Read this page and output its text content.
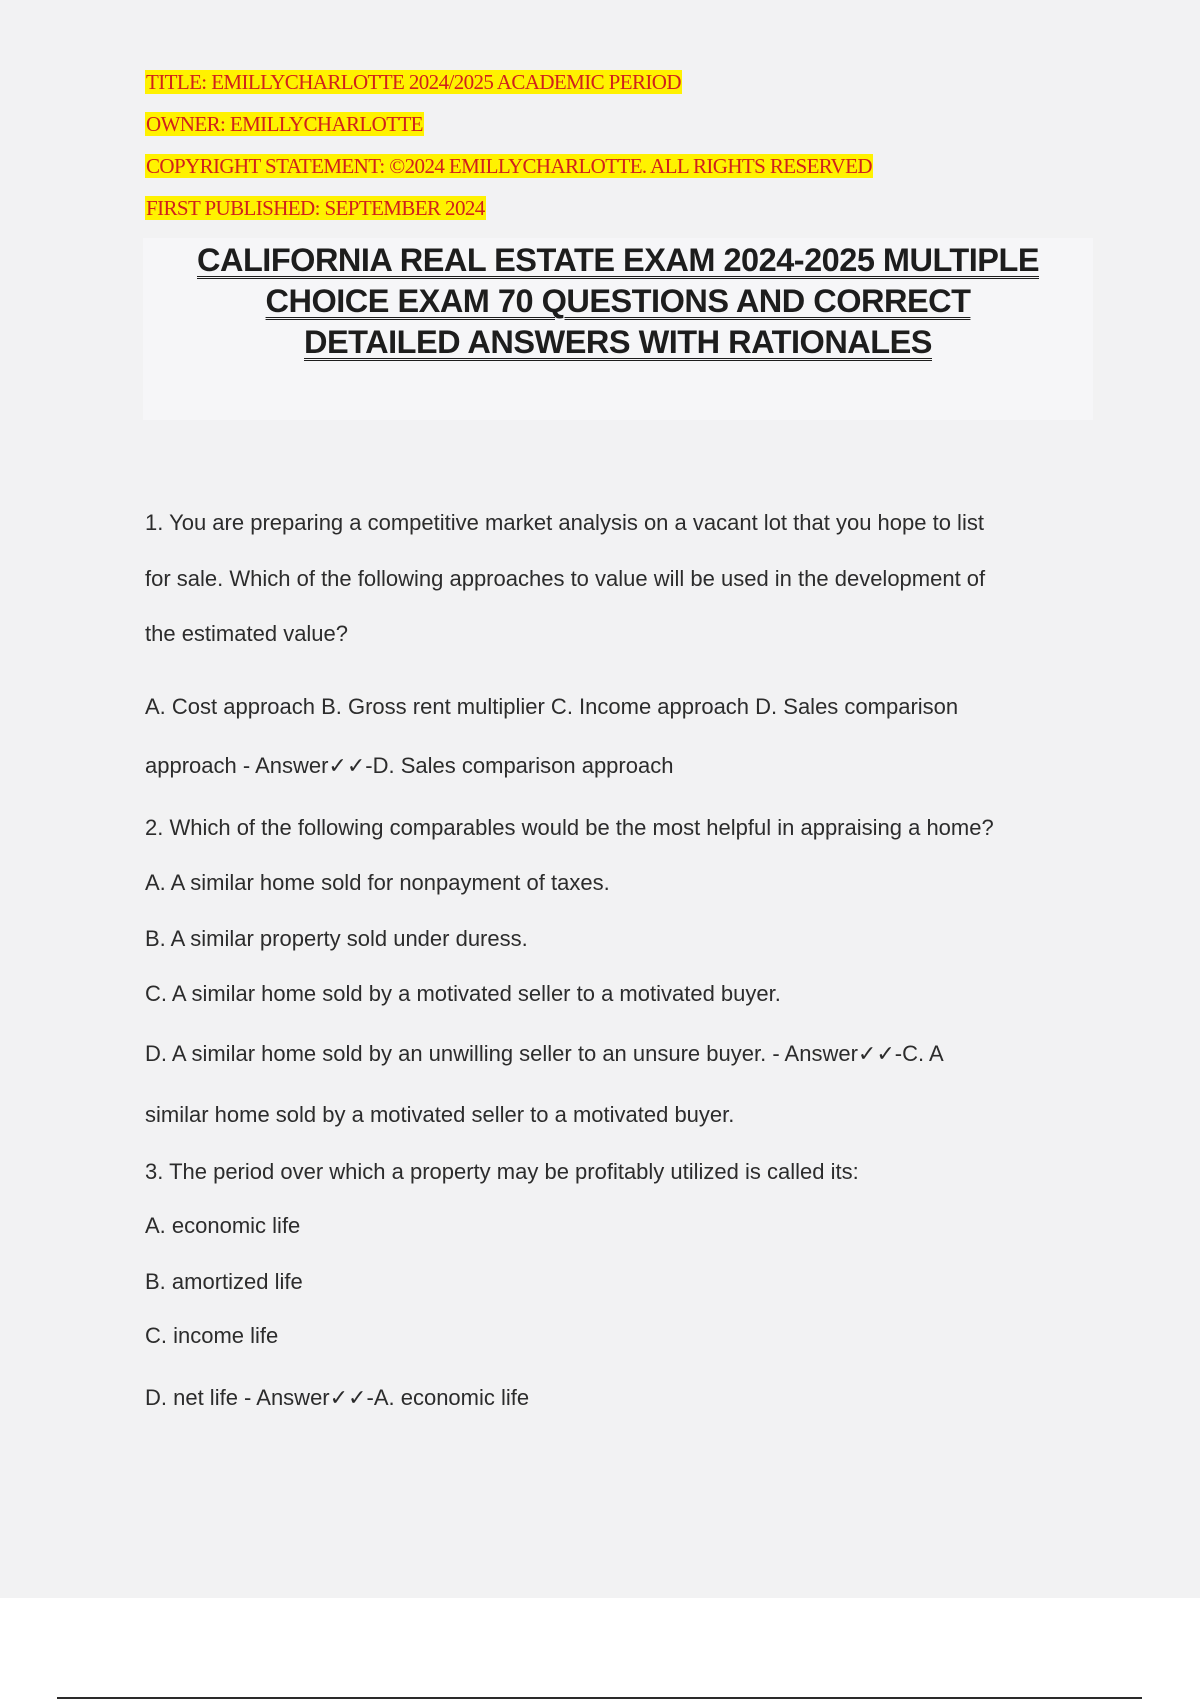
TITLE: EMILLYCHARLOTTE 2024/2025 ACADEMIC PERIOD

OWNER: EMILLYCHARLOTTE

COPYRIGHT STATEMENT: ©2024 EMILLYCHARLOTTE. ALL RIGHTS RESERVED

FIRST PUBLISHED: SEPTEMBER 2024

CALIFORNIA REAL ESTATE EXAM 2024-2025 MULTIPLE
CHOICE EXAM 70 QUESTIONS AND CORRECT
DETAILED ANSWERS WITH RATIONALES

1. You are preparing a competitive market analysis on a vacant lot that you hope to list

for sale. Which of the following approaches to value will be used in the development of

the estimated value?

A. Cost approach B. Gross rent multiplier C. Income approach D. Sales comparison

approach - Answer✓✓-D. Sales comparison approach

2. Which of the following comparables would be the most helpful in appraising a home?

A. A similar home sold for nonpayment of taxes.

B. A similar property sold under duress.

C. A similar home sold by a motivated seller to a motivated buyer.

D. A similar home sold by an unwilling seller to an unsure buyer. - Answer✓✓-C. A

similar home sold by a motivated seller to a motivated buyer.

3. The period over which a property may be profitably utilized is called its:

A. economic life

B. amortized life

C. income life

D. net life - Answer✓✓-A. economic life
